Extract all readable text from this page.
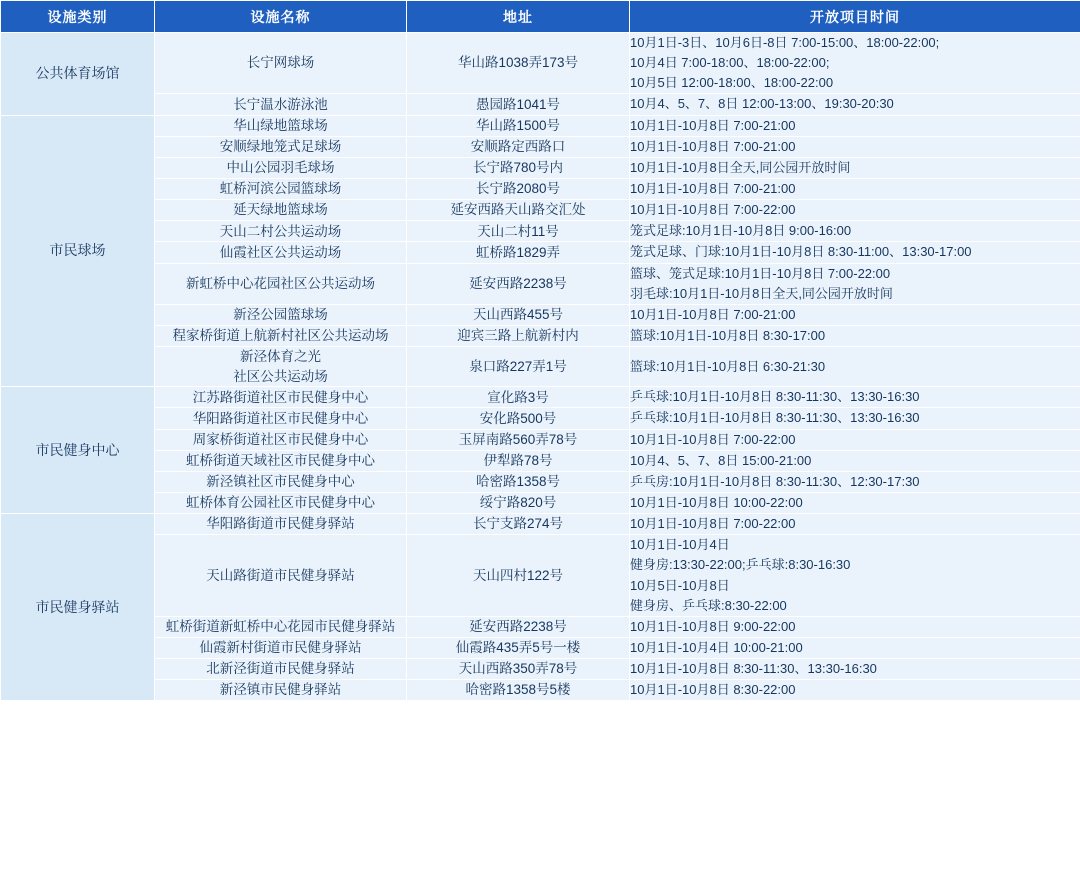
设施类别	设施名称	地址	开放项目时间
公共体育场馆	长宁网球场	华山路1038弄173号	10月1日-3日、10月6日-8日 7:00-15:00、18:00-22:00;
10月4日 7:00-18:00、18:00-22:00;
10月5日 12:00-18:00、18:00-22:00

	长宁温水游泳池	愚园路1041号	10月4、5、7、8日 12:00-13:00、19:30-20:30

市民球场	华山绿地篮球场	华山路1500号	10月1日-10月8日 7:00-21:00

	安顺绿地笼式足球场	安顺路定西路口	10月1日-10月8日 7:00-21:00

	中山公园羽毛球场	长宁路780号内	10月1日-10月8日全天,同公园开放时间

	虹桥河滨公园篮球场	长宁路2080号	10月1日-10月8日 7:00-21:00

	延天绿地篮球场	延安西路天山路交汇处	10月1日-10月8日 7:00-22:00

	天山二村公共运动场	天山二村11号	笼式足球:10月1日-10月8日 9:00-16:00

	仙霞社区公共运动场	虹桥路1829弄	笼式足球、门球:10月1日-10月8日 8:30-11:00、13:30-17:00

	新虹桥中心花园社区公共运动场	延安西路2238号	篮球、笼式足球:10月1日-10月8日 7:00-22:00
羽毛球:10月1日-10月8日全天,同公园开放时间

	新泾公园篮球场	天山西路455号	10月1日-10月8日 7:00-21:00

	程家桥街道上航新村社区公共运动场	迎宾三路上航新村内	篮球:10月1日-10月8日 8:30-17:00

	新泾体育之光
社区公共运动场	泉口路227弄1号	篮球:10月1日-10月8日 6:30-21:30

市民健身中心	江苏路街道社区市民健身中心	宣化路3号	乒乓球:10月1日-10月8日 8:30-11:30、13:30-16:30

	华阳路街道社区市民健身中心	安化路500号	乒乓球:10月1日-10月8日 8:30-11:30、13:30-16:30

	周家桥街道社区市民健身中心	玉屏南路560弄78号	10月1日-10月8日 7:00-22:00

	虹桥街道天域社区市民健身中心	伊犁路78号	10月4、5、7、8日 15:00-21:00

	新泾镇社区市民健身中心	哈密路1358号	乒乓房:10月1日-10月8日 8:30-11:30、12:30-17:30

	虹桥体育公园社区市民健身中心	绥宁路820号	10月1日-10月8日 10:00-22:00

市民健身驿站	华阳路街道市民健身驿站	长宁支路274号	10月1日-10月8日 7:00-22:00

	天山路街道市民健身驿站	天山四村122号	10月1日-10月4日
健身房:13:30-22:00;乒乓球:8:30-16:30
10月5日-10月8日
健身房、乒乓球:8:30-22:00

	虹桥街道新虹桥中心花园市民健身驿站	延安西路2238号	10月1日-10月8日 9:00-22:00

	仙霞新村街道市民健身驿站	仙霞路435弄5号一楼	10月1日-10月4日 10:00-21:00

	北新泾街道市民健身驿站	天山西路350弄78号	10月1日-10月8日 8:30-11:30、13:30-16:30

	新泾镇市民健身驿站	哈密路1358号5楼	10月1日-10月8日 8:30-22:00
